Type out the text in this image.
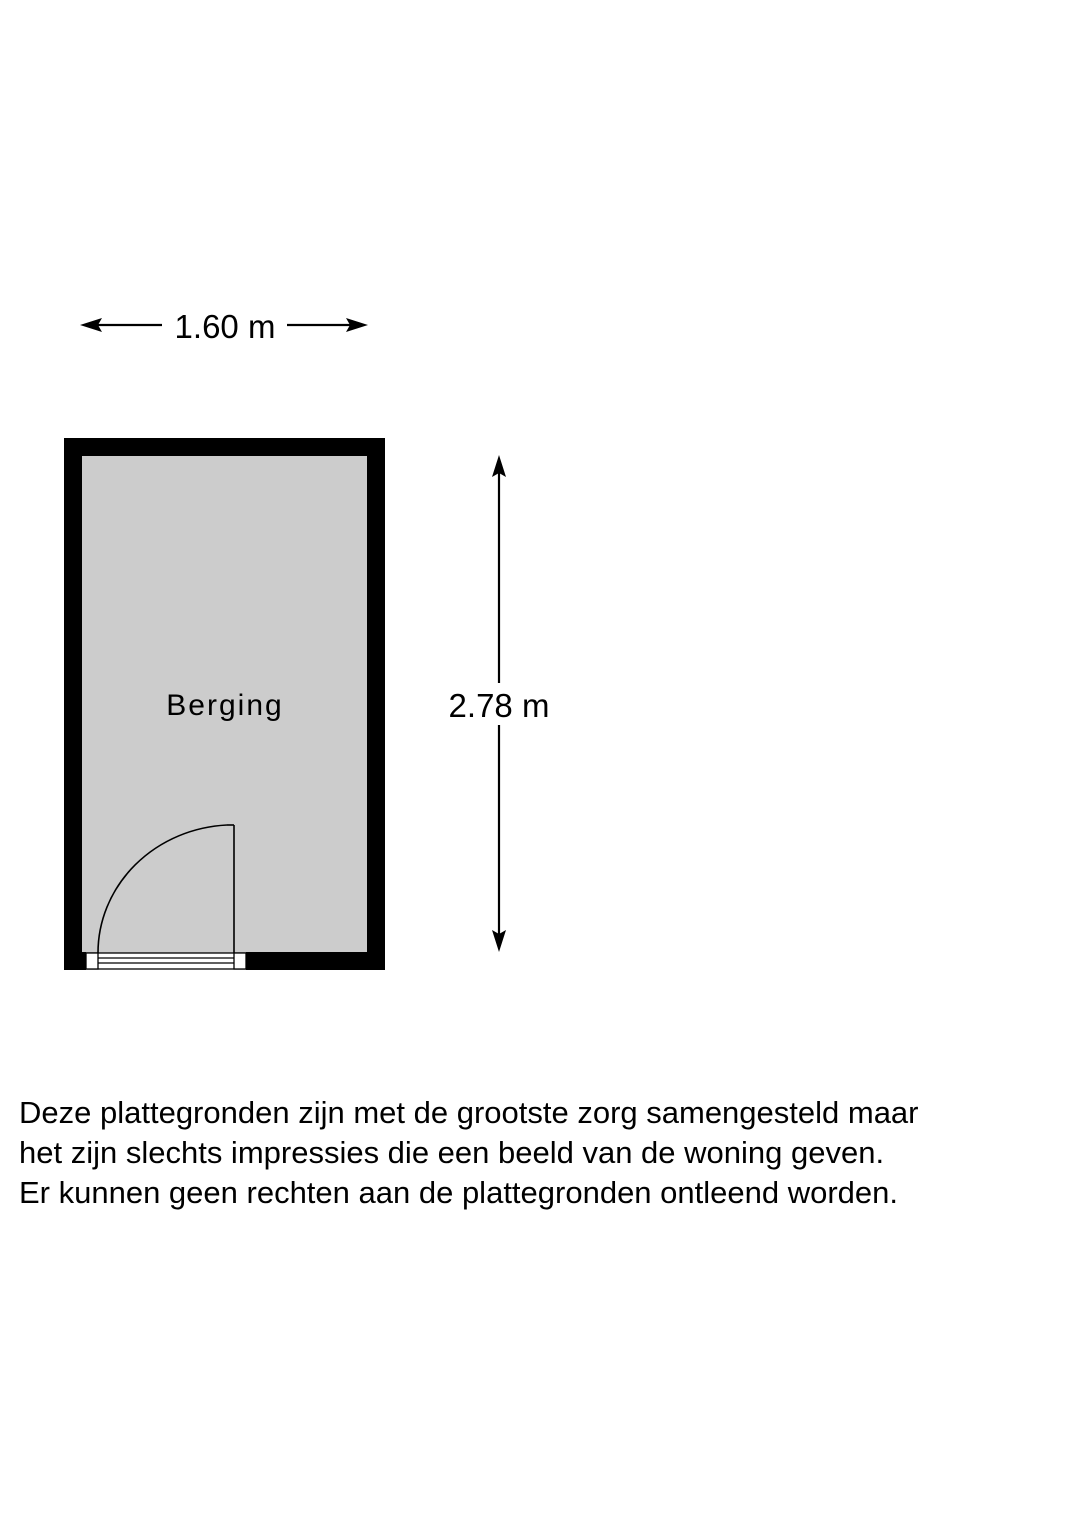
1.60 m
Berging	2.78 m

Deze plattegronden zijn met de grootste zorg samengesteld maar
het zijn slechts impressies die een beeld van de woning geven.
Er kunnen geen rechten aan de plattegronden ontleend worden.
